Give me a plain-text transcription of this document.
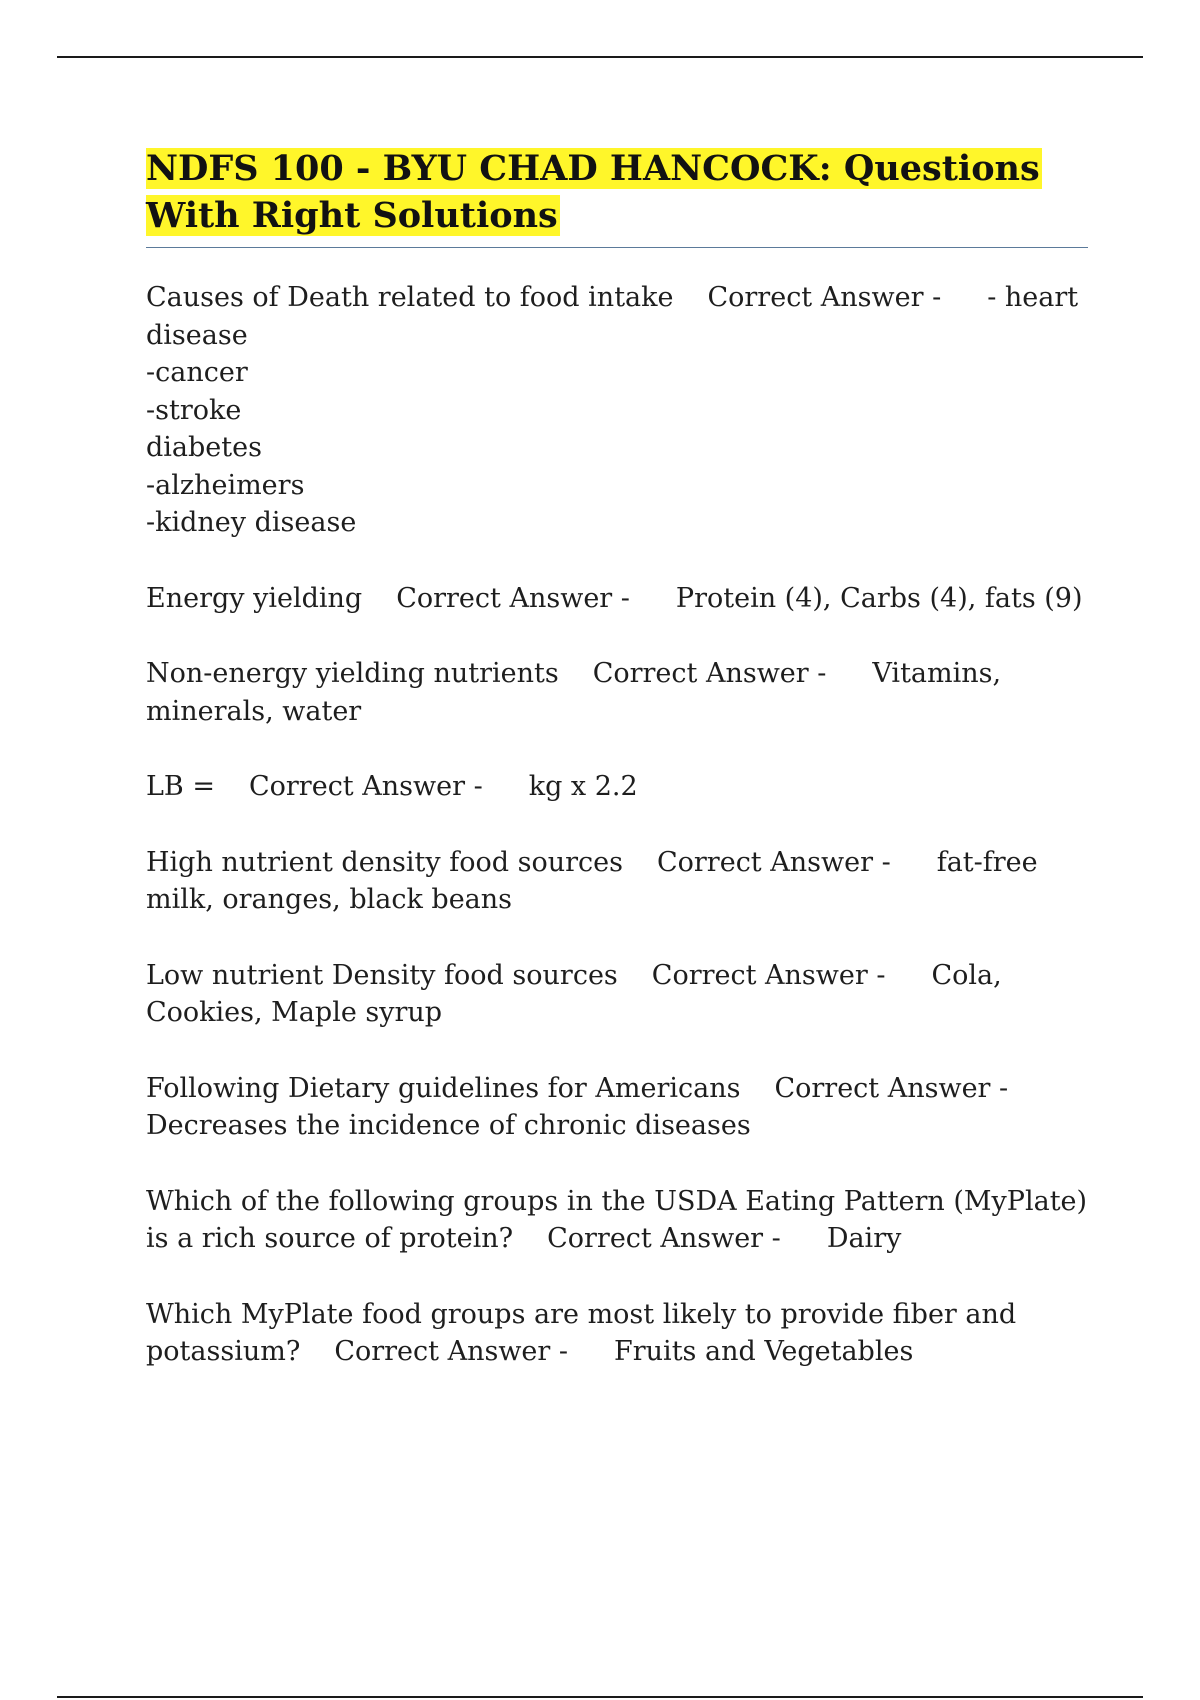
NDFS 100 - BYU CHAD HANCOCK: Questions With Right Solutions
Causes of Death related to food intake Correct Answer - - heart disease
-cancer
-stroke
diabetes
-alzheimers
-kidney disease
Energy yielding Correct Answer - Protein (4), Carbs (4), fats (9)
Non-energy yielding nutrients Correct Answer - Vitamins, minerals, water
LB = Correct Answer - kg x 2.2
High nutrient density food sources Correct Answer - fat-free milk, oranges, black beans
Low nutrient Density food sources Correct Answer - Cola, Cookies, Maple syrup
Following Dietary guidelines for Americans Correct Answer -
Decreases the incidence of chronic diseases
Which of the following groups in the USDA Eating Pattern (MyPlate) is a rich source of protein? Correct Answer - Dairy
Which MyPlate food groups are most likely to provide fiber and potassium? Correct Answer - Fruits and Vegetables
